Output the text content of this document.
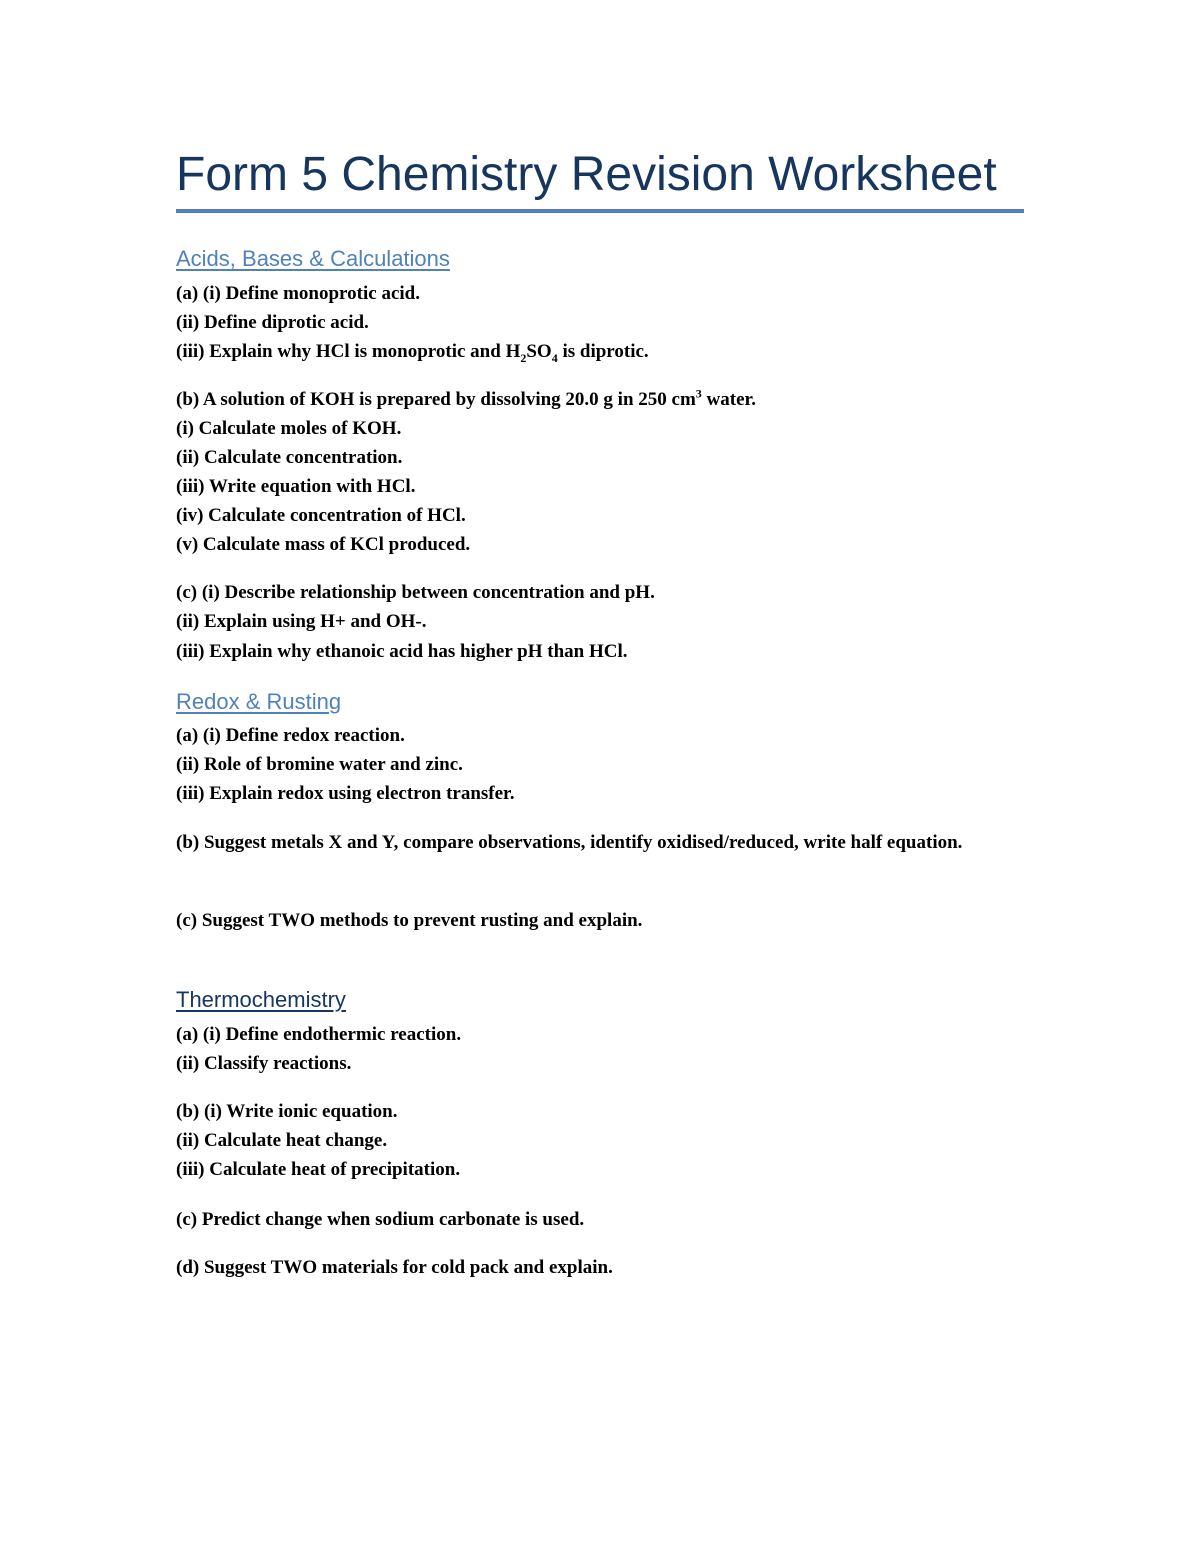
Form 5 Chemistry Revision Worksheet
Acids, Bases & Calculations
(a) (i) Define monoprotic acid.
(ii) Define diprotic acid.
(iii) Explain why HCl is monoprotic and $H_2SO_4$ is diprotic.
(b) A solution of KOH is prepared by dissolving 20.0 g in 250 $cm^3$ water.
(i) Calculate moles of KOH.
(ii) Calculate concentration.
(iii) Write equation with HCl.
(iv) Calculate concentration of HCl.
(v) Calculate mass of KCl produced.
(c) (i) Describe relationship between concentration and pH.
(ii) Explain using H+ and OH-.
(iii) Explain why ethanoic acid has higher pH than HCl.
Redox & Rusting
(a) (i) Define redox reaction.
(ii) Role of bromine water and zinc.
(iii) Explain redox using electron transfer.
(b) Suggest metals X and Y, compare observations, identify oxidised/reduced, write half equation.
(c) Suggest TWO methods to prevent rusting and explain.
Thermochemistry
(a) (i) Define endothermic reaction.
(ii) Classify reactions.
(b) (i) Write ionic equation.
(ii) Calculate heat change.
(iii) Calculate heat of precipitation.
(c) Predict change when sodium carbonate is used.
(d) Suggest TWO materials for cold pack and explain.
